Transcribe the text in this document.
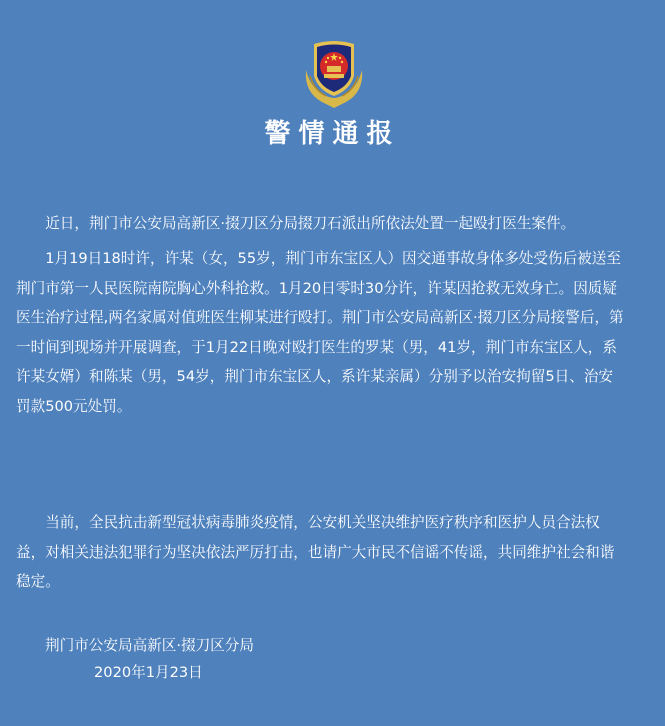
警情通报
　　近日，荆门市公安局高新区·掇刀区分局掇刀石派出所依法处置一起殴打医生案件。
　　1月19日18时许，许某（女，55岁，荆门市东宝区人）因交通事故身体多处受伤后被送至
荆门市第一人民医院南院胸心外科抢救。1月20日零时30分许，许某因抢救无效身亡。因质疑
医生治疗过程,两名家属对值班医生柳某进行殴打。荆门市公安局高新区·掇刀区分局接警后，第
一时间到现场并开展调查，于1月22日晚对殴打医生的罗某（男，41岁，荆门市东宝区人，系
许某女婿）和陈某（男，54岁，荆门市东宝区人，系许某亲属）分别予以治安拘留5日、治安
罚款500元处罚。
　　当前，全民抗击新型冠状病毒肺炎疫情，公安机关坚决维护医疗秩序和医护人员合法权
益，对相关违法犯罪行为坚决依法严厉打击，也请广大市民不信谣不传谣，共同维护社会和谐
稳定。
荆门市公安局高新区·掇刀区分局
2020年1月23日
